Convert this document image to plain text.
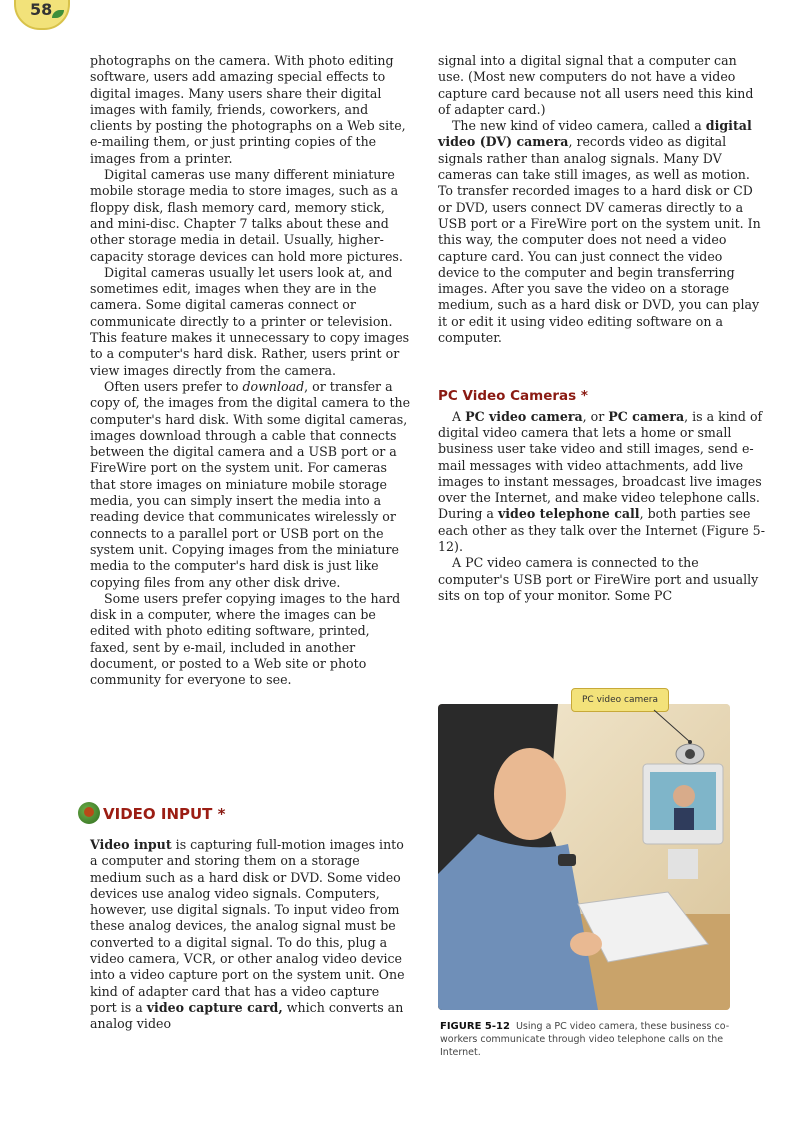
58

photographs on the camera. With photo editing software, users add amazing special effects to digital images. Many users share their digital images with family, friends, coworkers, and clients by posting the photographs on a Web site, e-mailing them, or just printing copies of the images from a printer.

Digital cameras use many different miniature mobile storage media to store images, such as a floppy disk, flash memory card, memory stick, and mini-disc. Chapter 7 talks about these and other storage media in detail. Usually, higher-capacity storage devices can hold more pictures.

Digital cameras usually let users look at, and sometimes edit, images when they are in the camera. Some digital cameras connect or communicate directly to a printer or television. This feature makes it unnecessary to copy images to a computer's hard disk. Rather, users print or view images directly from the camera.

Often users prefer to download, or transfer a copy of, the images from the digital camera to the computer's hard disk. With some digital cameras, images download through a cable that connects between the digital camera and a USB port or a FireWire port on the system unit. For cameras that store images on miniature mobile storage media, you can simply insert the media into a reading device that communicates wirelessly or connects to a parallel port or USB port on the system unit. Copying images from the miniature media to the computer's hard disk is just like copying files from any other disk drive.

Some users prefer copying images to the hard disk in a computer, where the images can be edited with photo editing software, printed, faxed, sent by e-mail, included in another document, or posted to a Web site or photo community for everyone to see.

VIDEO INPUT *

Video input is capturing full-motion images into a computer and storing them on a storage medium such as a hard disk or DVD. Some video devices use analog video signals. Computers, however, use digital signals. To input video from these analog devices, the analog signal must be converted to a digital signal. To do this, plug a video camera, VCR, or other analog video device into a video capture port on the system unit. One kind of adapter card that has a video capture port is a video capture card, which converts an analog video

signal into a digital signal that a computer can use. (Most new computers do not have a video capture card because not all users need this kind of adapter card.)

The new kind of video camera, called a digital video (DV) camera, records video as digital signals rather than analog signals. Many DV cameras can take still images, as well as motion. To transfer recorded images to a hard disk or CD or DVD, users connect DV cameras directly to a USB port or a FireWire port on the system unit. In this way, the computer does not need a video capture card. You can just connect the video device to the computer and begin transferring images. After you save the video on a storage medium, such as a hard disk or DVD, you can play it or edit it using video editing software on a computer.

PC Video Cameras *

A PC video camera, or PC camera, is a kind of digital video camera that lets a home or small business user take video and still images, send e-mail messages with video attachments, add live images to instant messages, broadcast live images over the Internet, and make video telephone calls. During a video telephone call, both parties see each other as they talk over the Internet (Figure 5-12).

A PC video camera is connected to the computer's USB port or FireWire port and usually sits on top of your monitor. Some PC

PC video camera
FIGURE 5-12 Using a PC video camera, these business co-workers communicate through video telephone calls on the Internet.
